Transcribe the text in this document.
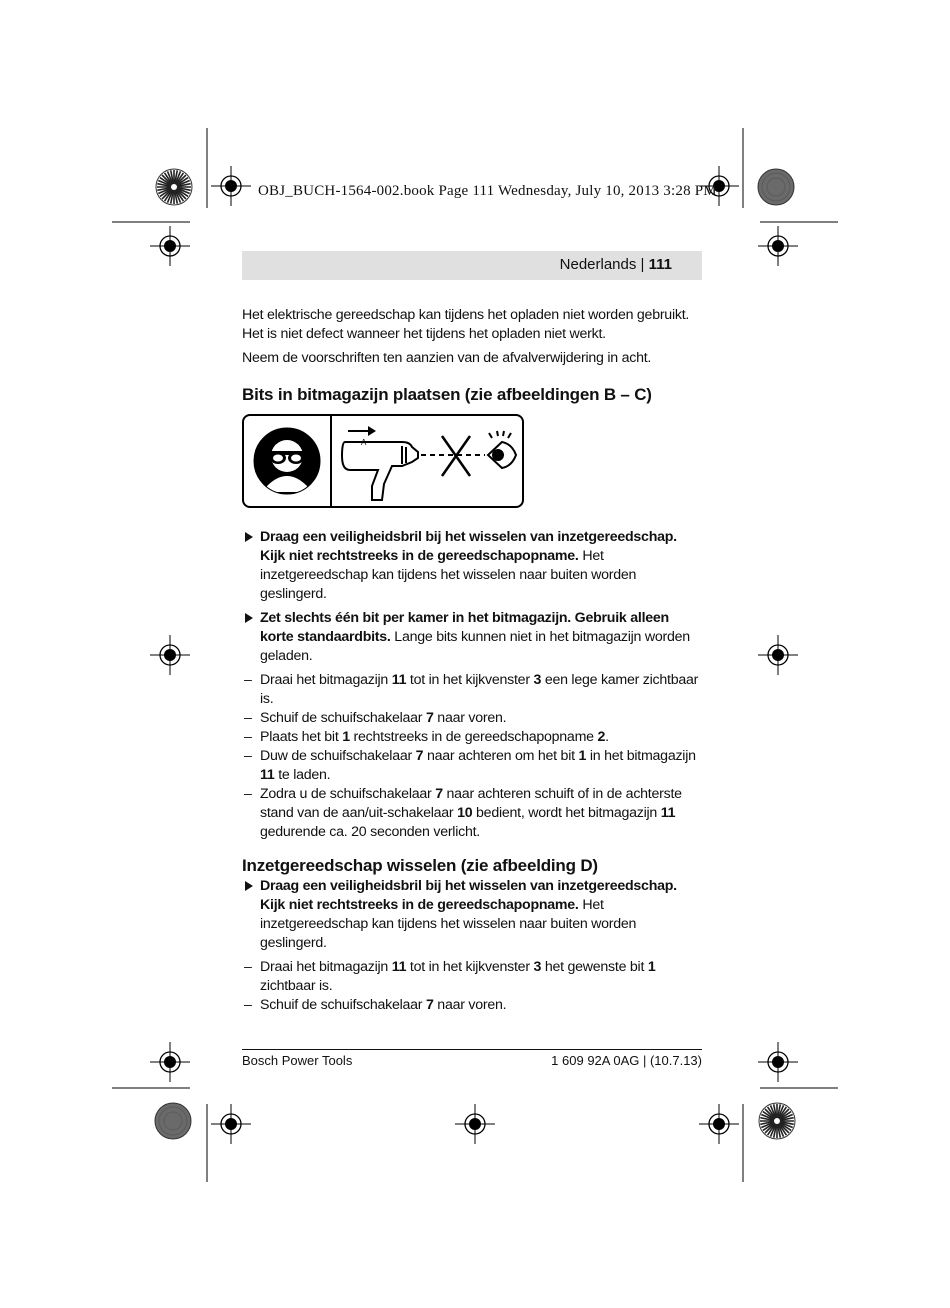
OBJ_BUCH-1564-002.book Page 111 Wednesday, July 10, 2013 3:28 PM
Nederlands | 111

Het elektrische gereedschap kan tijdens het opladen niet worden gebruikt. Het is niet defect wanneer het tijdens het opladen niet werkt.

Neem de voorschriften ten aanzien van de afvalverwijdering in acht.

Bits in bitmagazijn plaatsen (zie afbeeldingen B – C)
A
Draag een veiligheidsbril bij het wisselen van inzetgereedschap. Kijk niet rechtstreeks in de gereedschapopname. Het inzetgereedschap kan tijdens het wisselen naar buiten worden geslingerd.
Zet slechts één bit per kamer in het bitmagazijn. Gebruik alleen korte standaardbits. Lange bits kunnen niet in het bitmagazijn worden geladen.
– Draai het bitmagazijn 11 tot in het kijkvenster 3 een lege kamer zichtbaar is.
– Schuif de schuifschakelaar 7 naar voren.
– Plaats het bit 1 rechtstreeks in de gereedschapopname 2.
– Duw de schuifschakelaar 7 naar achteren om het bit 1 in het bitmagazijn 11 te laden.
– Zodra u de schuifschakelaar 7 naar achteren schuift of in de achterste stand van de aan/uit-schakelaar 10 bedient, wordt het bitmagazijn 11 gedurende ca. 20 seconden verlicht.
Inzetgereedschap wisselen (zie afbeelding D)
Draag een veiligheidsbril bij het wisselen van inzetgereedschap. Kijk niet rechtstreeks in de gereedschapopname. Het inzetgereedschap kan tijdens het wisselen naar buiten worden geslingerd.
– Draai het bitmagazijn 11 tot in het kijkvenster 3 het gewenste bit 1 zichtbaar is.
– Schuif de schuifschakelaar 7 naar voren.
Bosch Power Tools	1 609 92A 0AG | (10.7.13)
